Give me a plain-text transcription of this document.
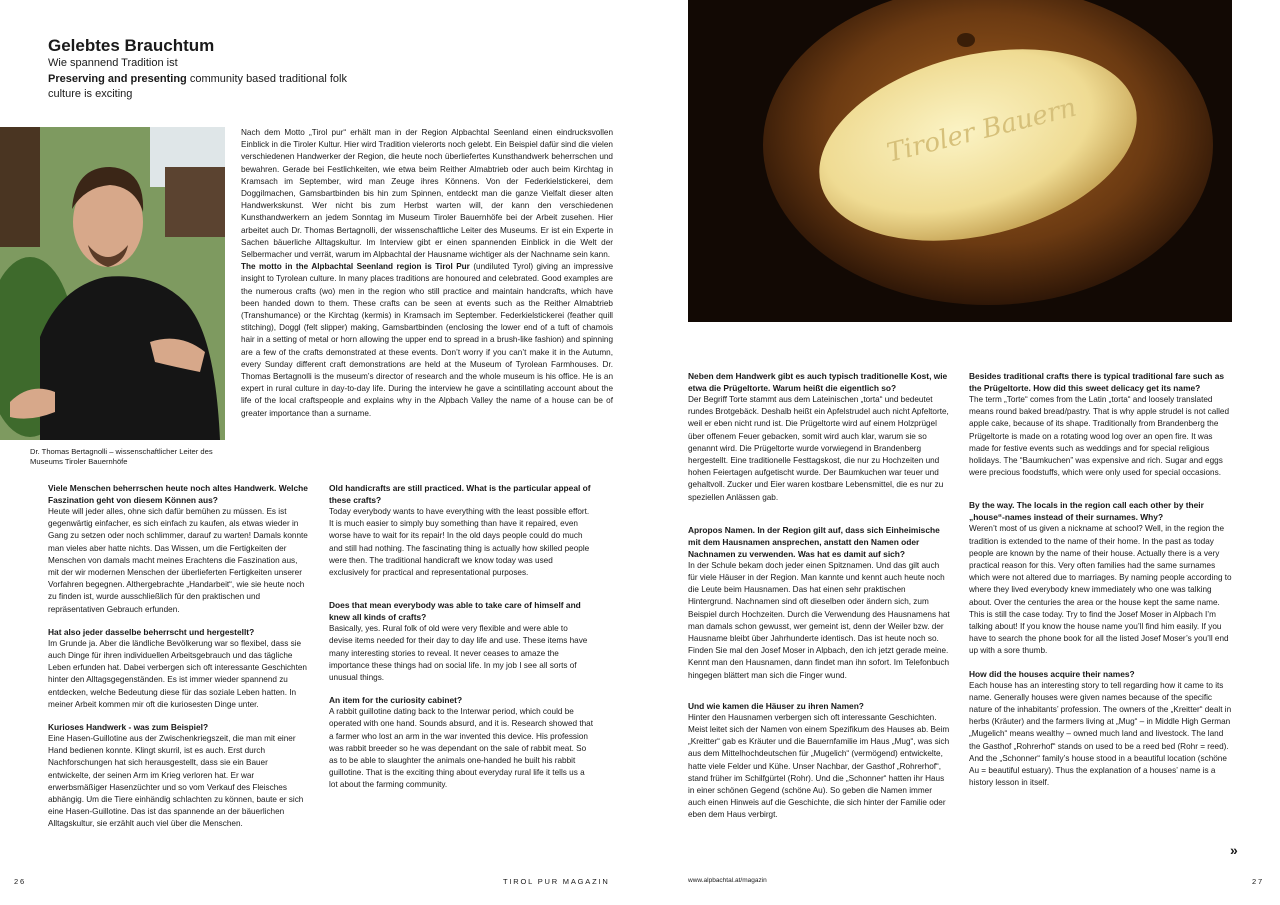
Gelebtes Brauchtum
Wie spannend Tradition ist
Preserving and presenting community based traditional folk culture is exciting
Dr. Thomas Bertagnolli – wissenschaftlicher Leiter des Museums Tiroler Bauernhöfe

Nach dem Motto „Tirol pur“ erhält man in der Region Alpbachtal Seenland einen eindrucksvollen Einblick in die Tiroler Kultur. Hier wird Tradition vielerorts noch gelebt. Ein Beispiel dafür sind die vielen verschiedenen Handwerker der Region, die heute noch überliefertes Kunsthandwerk beherrschen und bewahren. Gerade bei Festlichkeiten, wie etwa beim Reither Almabtrieb oder auch beim Kirchtag in Kramsach im September, wird man Zeuge ihres Könnens. Von der Federkielstickerei, dem Doggilmachen, Gamsbartbinden bis hin zum Spinnen, entdeckt man die ganze Vielfalt dieser alten Handwerkskunst. Wer nicht bis zum Herbst warten will, der kann den verschiedenen Kunsthandwerkern an jedem Sonntag im Museum Tiroler Bauernhöfe bei der Arbeit zusehen. Hier arbeitet auch Dr. Thomas Bertagnolli, der wissenschaftliche Leiter des Museums. Er ist ein Experte in Sachen bäuerliche Alltagskultur. Im Interview gibt er einen spannenden Einblick in die Welt der Selbermacher und verrät, warum im Alpbachtal der Hausname wichtiger als der Nachname sein kann.

The motto in the Alpbachtal Seenland region is Tirol Pur (undiluted Tyrol) giving an impressive insight to Tyrolean culture. In many places traditions are honoured and celebrated. Good examples are the numerous crafts (wo) men in the region who still practice and maintain handcrafts, which have been handed down to them. These crafts can be seen at events such as the Reither Almabtrieb (Transhumance) or the Kirchtag (kermis) in Kramsach im September. Federkielstickerei (feather quill stitching), Doggl (felt slipper) making, Gamsbartbinden (enclosing the lower end of a tuft of chamois hair in a setting of metal or horn allowing the upper end to spread in a brush-like fashion) and spinning are a few of the crafts demonstrated at these events. Don’t worry if you can’t make it in the Autumn, every Sunday different craft demonstrations are held at the Museum of Tyrolean Farmhouses. Dr. Thomas Bertagnolli is the museum’s director of research and the whole museum is his office. He is an expert in rural culture in day-to-day life. During the interview he gave a scintillating account about the life of the local craftspeople and explains why in the Alpbach Valley the name of a house can be of greater importance than a surname.

Viele Menschen beherrschen heute noch altes Handwerk. Welche Faszination geht von diesem Können aus?

Heute will jeder alles, ohne sich dafür bemühen zu müssen. Es ist gegenwärtig einfacher, es sich einfach zu kaufen, als etwas wieder in Gang zu setzen oder noch schlimmer, darauf zu warten! Damals konnte man vieles aber hatte nichts. Das Wissen, um die Fertigkeiten der Menschen von damals macht meines Erachtens die Faszination aus, mit der wir modernen Menschen der überlieferten Fertigkeiten unserer Vorfahren begegnen. Althergebrachte „Handarbeit“, wie sie heute noch zu finden ist, wurde ausschließlich für den praktischen und repräsentativen Gebrauch erfunden.

Hat also jeder dasselbe beherrscht und hergestellt?

Im Grunde ja. Aber die ländliche Bevölkerung war so flexibel, dass sie auch Dinge für ihren individuellen Arbeitsgebrauch und das tägliche Leben erfunden hat. Dabei verbergen sich oft interessante Geschichten hinter den Alltagsgegenständen. Es ist immer wieder spannend zu entdecken, welche Bedeutung diese für das soziale Leben hatten. In meiner Arbeit kommen mir oft die kuriosesten Dinge unter.

Kurioses Handwerk - was zum Beispiel?

Eine Hasen-Guillotine aus der Zwischenkriegszeit, die man mit einer Hand bedienen konnte. Klingt skurril, ist es auch. Erst durch Nachforschungen hat sich herausgestellt, dass sie ein Bauer entwickelte, der seinen Arm im Krieg verloren hat. Er war erwerbsmäßiger Hasenzüchter und so vom Verkauf des Fleisches abhängig. Um die Tiere einhändig schlachten zu können, baute er sich eine Hasen-Guillotine. Das ist das spannende an der bäuerlichen Alltagskultur, sie erzählt auch viel über die Menschen.

Old handicrafts are still practiced. What is the particular appeal of these crafts?

Today everybody wants to have everything with the least possible effort. It is much easier to simply buy something than have it repaired, even worse have to wait for its repair! In the old days people could do much and still had nothing. The fascinating thing is actually how skilled people were then. The traditional handicraft we know today was used exclusively for practical and representational purposes.

Does that mean everybody was able to take care of himself and knew all kinds of crafts?

Basically, yes. Rural folk of old were very flexible and were able to devise items needed for their day to day life and use. These items have many interesting stories to reveal. It never ceases to amaze the importance these things had on social life. In my job I see all sorts of unusual things.

An item for the curiosity cabinet?

A rabbit guillotine dating back to the Interwar period, which could be operated with one hand. Sounds absurd, and it is. Research showed that a farmer who lost an arm in the war invented this device. His profession was rabbit breeder so he was dependant on the sale of rabbit meat. So as to be able to slaughter the animals one-handed he built his rabbit guillotine. That is the exciting thing about everyday rural life it tells us a lot about the farming community.

26	TIROL PUR MAGAZIN
Tiroler Bauern
Neben dem Handwerk gibt es auch typisch traditionelle Kost, wie etwa die Prügeltorte. Warum heißt die eigentlich so?

Der Begriff Torte stammt aus dem Lateinischen „torta“ und bedeutet rundes Brotgebäck. Deshalb heißt ein Apfelstrudel auch nicht Apfeltorte, weil er eben nicht rund ist. Die Prügeltorte wird auf einem Holzprügel über offenem Feuer gebacken, somit wird auch klar, warum sie so genannt wird. Die Prügeltorte wurde vorwiegend in Brandenberg hergestellt. Eine traditionelle Festtagskost, die nur zu Hochzeiten und hohen Feiertagen aufgetischt wurde. Der Baumkuchen war teuer und gehaltvoll. Zucker und Eier waren kostbare Lebensmittel, die es nur zu speziellen Anlässen gab.

Apropos Namen. In der Region gilt auf, dass sich Einheimische mit dem Hausnamen ansprechen, anstatt den Namen oder Nachnamen zu verwenden. Was hat es damit auf sich?

In der Schule bekam doch jeder einen Spitznamen. Und das gilt auch für viele Häuser in der Region. Man kannte und kennt auch heute noch die Leute beim Hausnamen. Das hat einen sehr praktischen Hintergrund. Nachnamen sind oft dieselben oder ändern sich, zum Beispiel durch Hochzeiten. Durch die Verwendung des Hausnamens hat man damals schon gewusst, wer gemeint ist, denn der Weiler bzw. der Hausname bleibt über Jahrhunderte identisch. Das ist heute noch so. Finden Sie mal den Josef Moser in Alpbach, den ich jetzt gerade meine. Kennt man den Hausnamen, dann findet man ihn sofort. Im Telefonbuch hingegen blättert man sich die Finger wund.

Und wie kamen die Häuser zu ihren Namen?

Hinter den Hausnamen verbergen sich oft interessante Geschichten. Meist leitet sich der Namen von einem Spezifikum des Hauses ab. Beim „Kreitter“ gab es Kräuter und die Bauernfamilie im Haus „Mug“, was sich aus dem Mittelhochdeutschen für „Mugelich“ (vermögend) entwickelte, hatte viele Felder und Kühe. Unser Nachbar, der Gasthof „Rohrerhof“, stand früher im Schilfgürtel (Rohr). Und die „Schonner“ hatten ihr Haus in einer schönen Gegend (schöne Au). So geben die Namen immer auch einen Hinweis auf die Geschichte, die sich hinter der Familie oder eben dem Haus verbirgt.

Besides traditional crafts there is typical traditional fare such as the Prügeltorte. How did this sweet delicacy get its name?

The term „Torte“ comes from the Latin „torta“ and loosely translated means round baked bread/pastry. That is why apple strudel is not called apple cake, because of its shape. Traditionally from Brandenberg the Prügeltorte is made on a rotating wood log over an open fire. It was made for festive events such as weddings and for special religious holidays. The “Baumkuchen” was expensive and rich. Sugar and eggs were precious foodstuffs, which were only used for special occasions.

By the way. The locals in the region call each other by their „house“-names instead of their surnames. Why?

Weren’t most of us given a nickname at school? Well, in the region the tradition is extended to the name of their home. In the past as today people are known by the name of their house. Actually there is a very practical reason for this. Very often families had the same surnames which were not altered due to marriages. By naming people according to where they lived everybody knew immediately who one was talking about. Over the centuries the area or the house kept the same name. This is still the case today. Try to find the Josef Moser in Alpbach I’m talking about! If you know the house name you’ll find him easily. If you have to search the phone book for all the listed Josef Moser’s you’ll end up with a sore thumb.

How did the houses acquire their names?

Each house has an interesting story to tell regarding how it came to its name. Generally houses were given names because of the specific nature of the inhabitants’ profession. The owners of the „Kreitter“ dealt in herbs (Kräuter) and the farmers living at „Mug“ – in Middle High German „Mugelich“ means wealthy – owned much land and livestock. The land the Gasthof „Rohrerhof“ stands on used to be a reed bed (Rohr = reed). And the „Schonner“ family’s house stood in a beautiful location (schöne Au = beautiful estuary). Thus the explanation of a houses’ name is a history lesson in itself.

»
www.alpbachtal.at/magazin	27
